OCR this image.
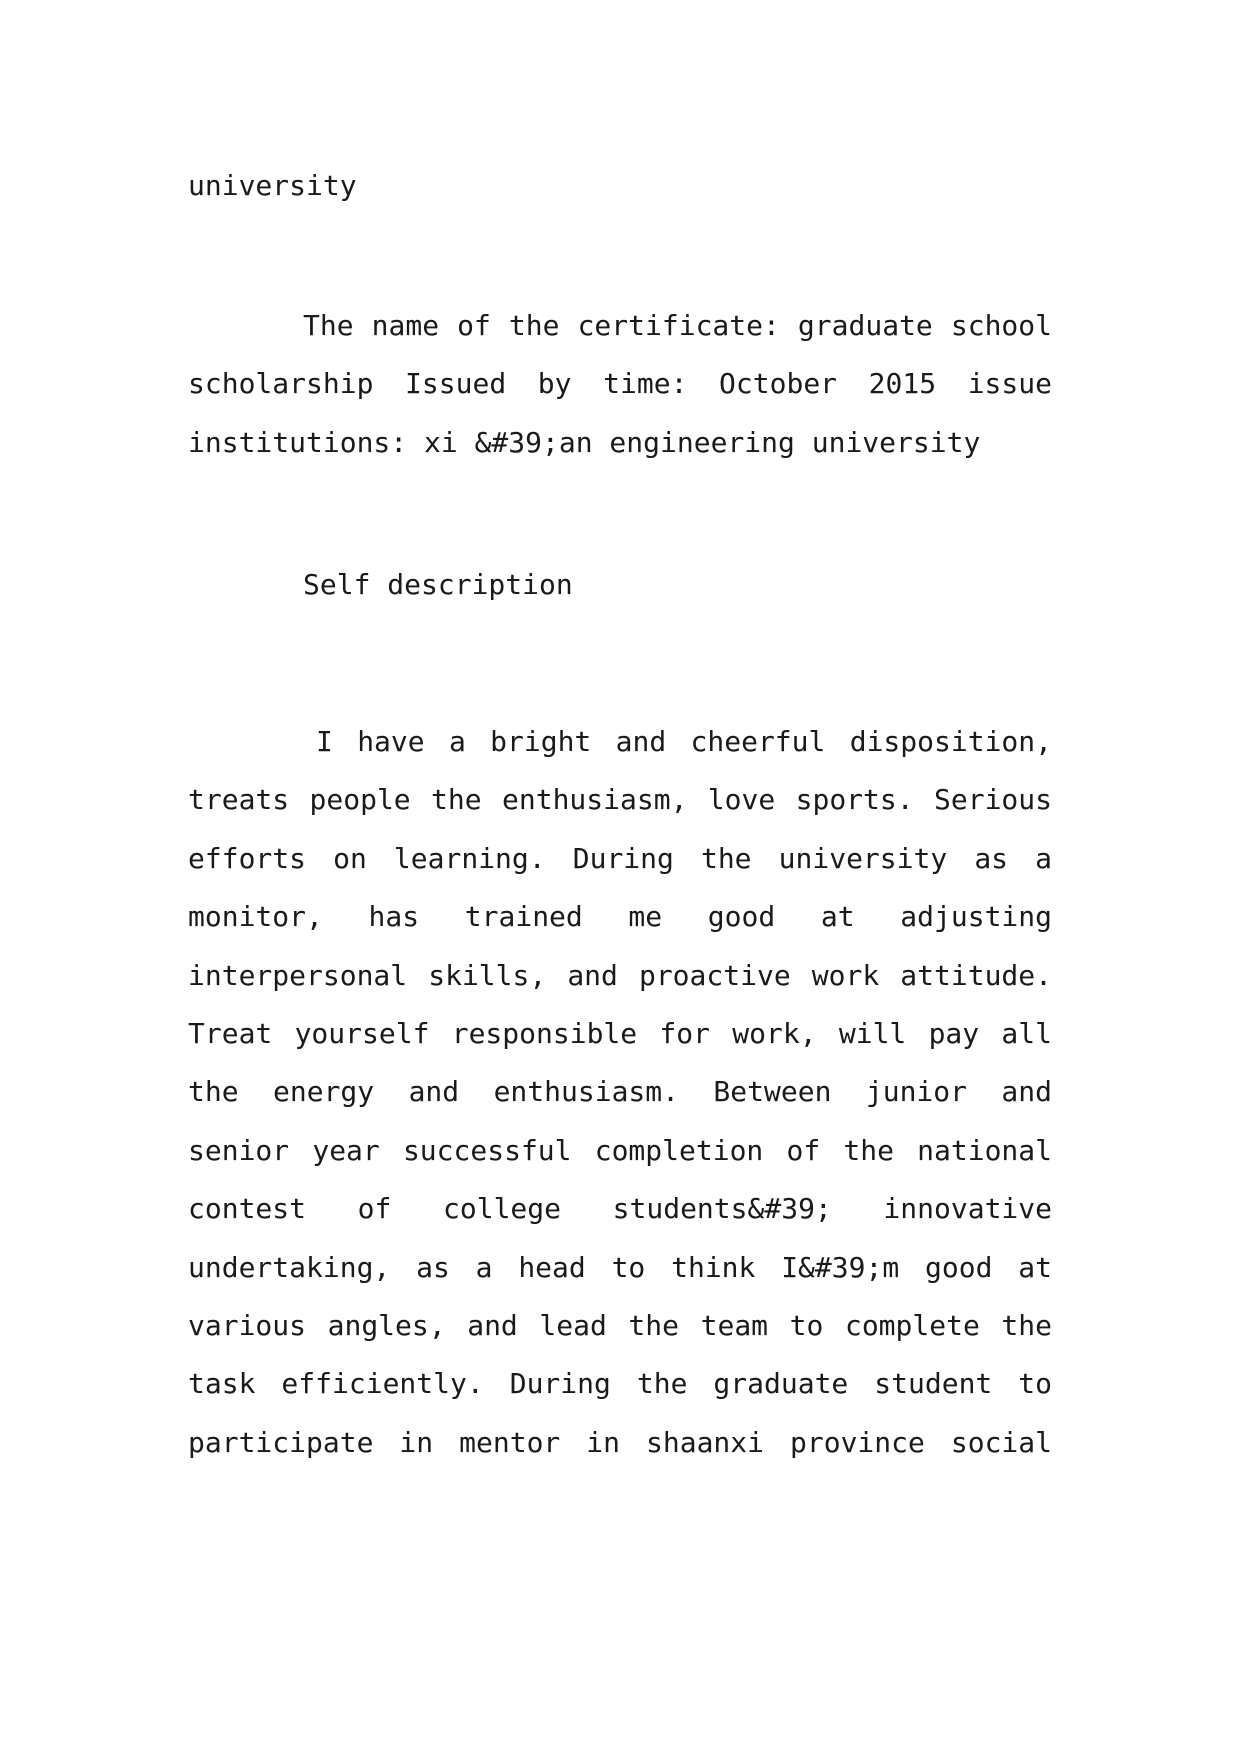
university
The name of the certificate: graduate school
scholarship Issued by time: October 2015 issue
institutions: xi &#39;an engineering university
Self description
I have a bright and cheerful disposition,
treats people the enthusiasm, love sports. Serious
efforts on learning. During the university as a
monitor, has trained me good at adjusting
interpersonal skills, and proactive work attitude.
Treat yourself responsible for work, will pay all
the energy and enthusiasm. Between junior and
senior year successful completion of the national
contest of college students&#39; innovative
undertaking, as a head to think I&#39;m good at
various angles, and lead the team to complete the
task efficiently. During the graduate student to
participate in mentor in shaanxi province social
